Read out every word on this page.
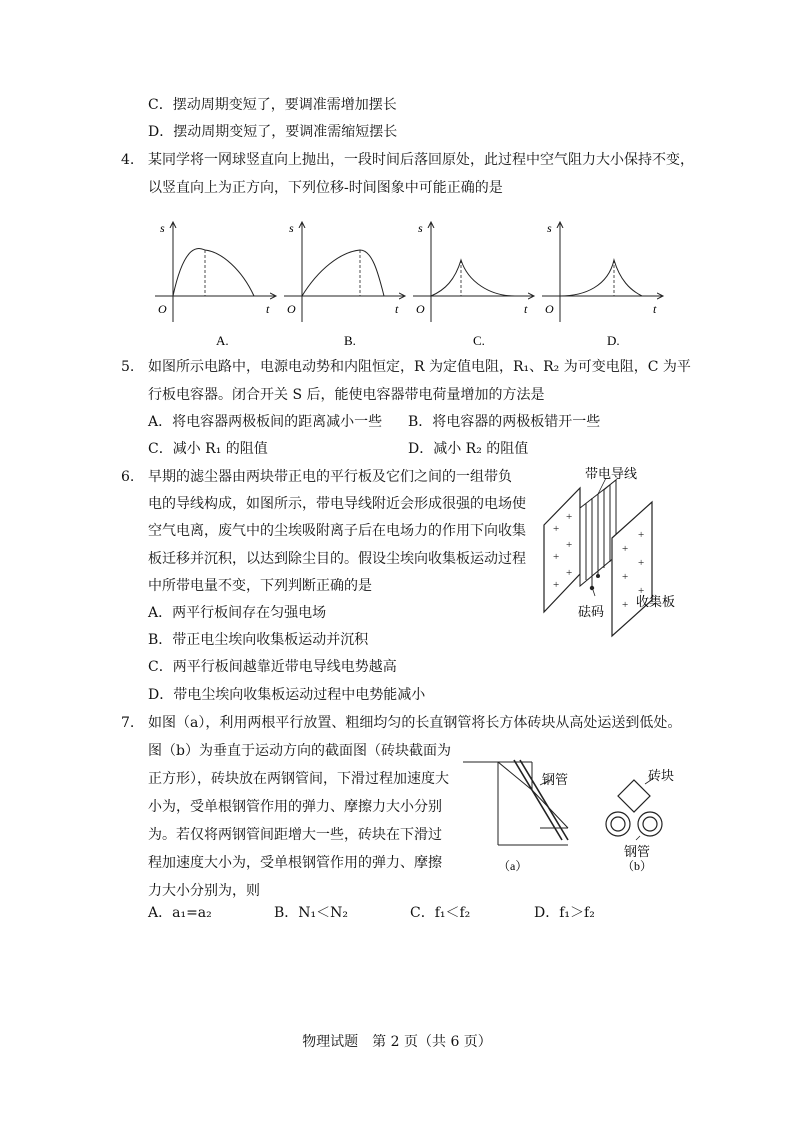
C．摆动周期变短了，要调准需增加摆长
D．摆动周期变短了，要调准需缩短摆长
4. 某同学将一网球竖直向上抛出，一段时间后落回原处，此过程中空气阻力大小保持不变，
以竖直向上为正方向，下列位移-时间图象中可能正确的是
s
O	t
A.
s
O	t
B.
s
O	t
C.
s
O	t
D.
5. 如图所示电路中，电源电动势和内阻恒定，R 为定值电阻，R₁、R₂ 为可变电阻，C 为平
行板电容器。闭合开关 S 后，能使电容器带电荷量增加的方法是
A．将电容器两极板间的距离减小一些 B．将电容器的两极板错开一些
C．减小 R₁ 的阻值	D．减小 R₂ 的阻值
6. 早期的滤尘器由两块带正电的平行板及它们之间的一组带负
电的导线构成，如图所示，带电导线附近会形成很强的电场使
空气电离，废气中的尘埃吸附离子后在电场力的作用下向收集
板迁移并沉积，以达到除尘目的。假设尘埃向收集板运动过程
中所带电量不变，下列判断正确的是
A．两平行板间存在匀强电场
B．带正电尘埃向收集板运动并沉积
C．两平行板间越靠近带电导线电势越高
D．带电尘埃向收集板运动过程中电势能减小
+
+
+
+
+
+
+
+
+
+
+
+
带电导线
砝码
收集板
7. 如图（a），利用两根平行放置、粗细均匀的长直钢管将长方体砖块从高处运送到低处。
图（b）为垂直于运动方向的截面图（砖块截面为
正方形），砖块放在两钢管间，下滑过程加速度大
小为，受单根钢管作用的弹力、摩擦力大小分别
为。若仅将两钢管间距增大一些，砖块在下滑过
程加速度大小为，受单根钢管作用的弹力、摩擦
力大小分别为，则
A．a₁=a₂	B．N₁＜N₂	C．f₁＜f₂	D．f₁＞f₂
钢管
（a）
砖块
钢管
（b）
物理试题　第 2 页（共 6 页）
